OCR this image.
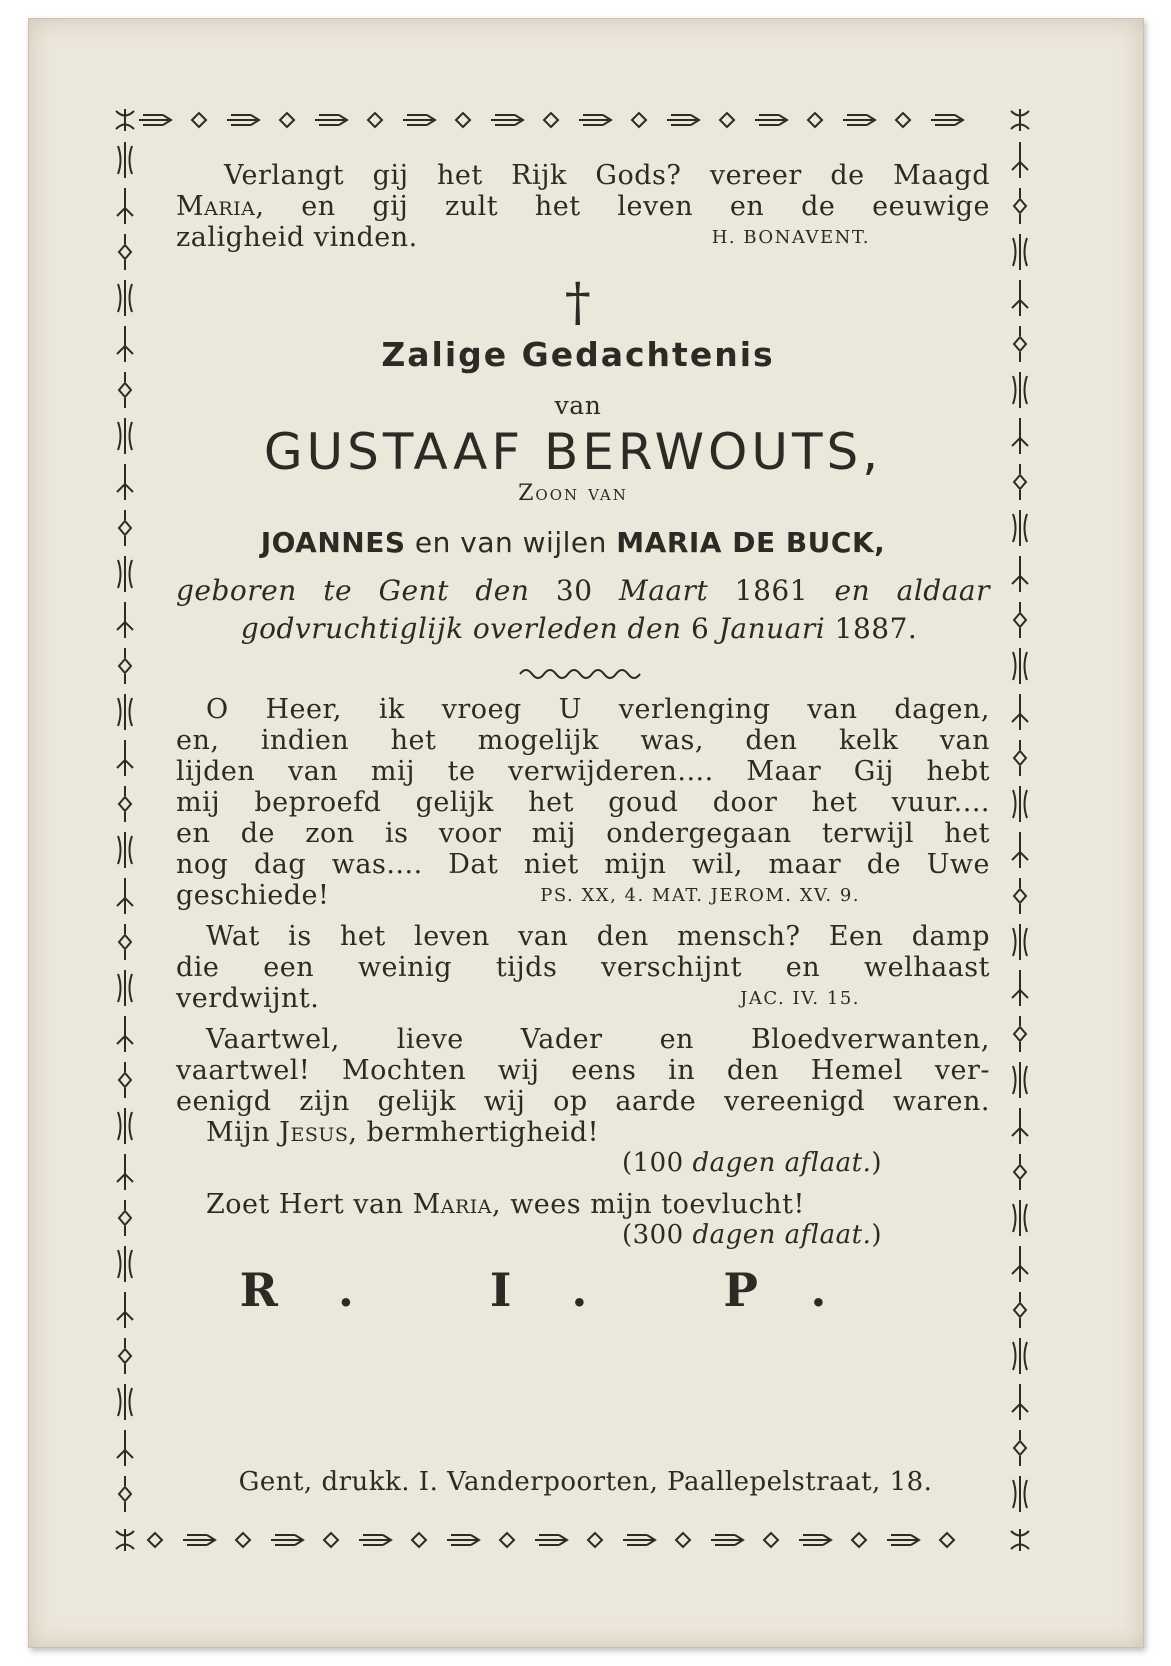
Verlangt gij het Rijk Gods? vereer de Maagd
Maria, en gij zult het leven en de eeuwige
zaligheid vinden.	H. BONAVENT.
†
Zalige Gedachtenis
van
GUSTAAF BERWOUTS,
Zoon van
JOANNES en van wijlen MARIA DE BUCK,
geboren te Gent den 30 Maart 1861 en aldaar
godvruchtiglijk overleden den 6 Januari 1887.
O Heer, ik vroeg U verlenging van dagen,
en, indien het mogelijk was, den kelk van
lijden van mij te verwijderen.... Maar Gij hebt
mij beproefd gelijk het goud door het vuur....
en de zon is voor mij ondergegaan terwijl het
nog dag was.... Dat niet mijn wil, maar de Uwe
geschiede!	PS. XX, 4. MAT. JEROM. XV. 9.
Wat is het leven van den mensch? Een damp
die een weinig tijds verschijnt en welhaast
verdwijnt.	JAC. IV. 15.
Vaartwel, lieve Vader en Bloedverwanten,
vaartwel! Mochten wij eens in den Hemel ver-
eenigd zijn gelijk wij op aarde vereenigd waren.
Mijn Jesus, bermhertigheid!
(100 dagen aflaat.)
Zoet Hert van Maria, wees mijn toevlucht!
(300 dagen aflaat.)
R. I. P.
Gent, drukk. I. Vanderpoorten, Paallepelstraat, 18.
